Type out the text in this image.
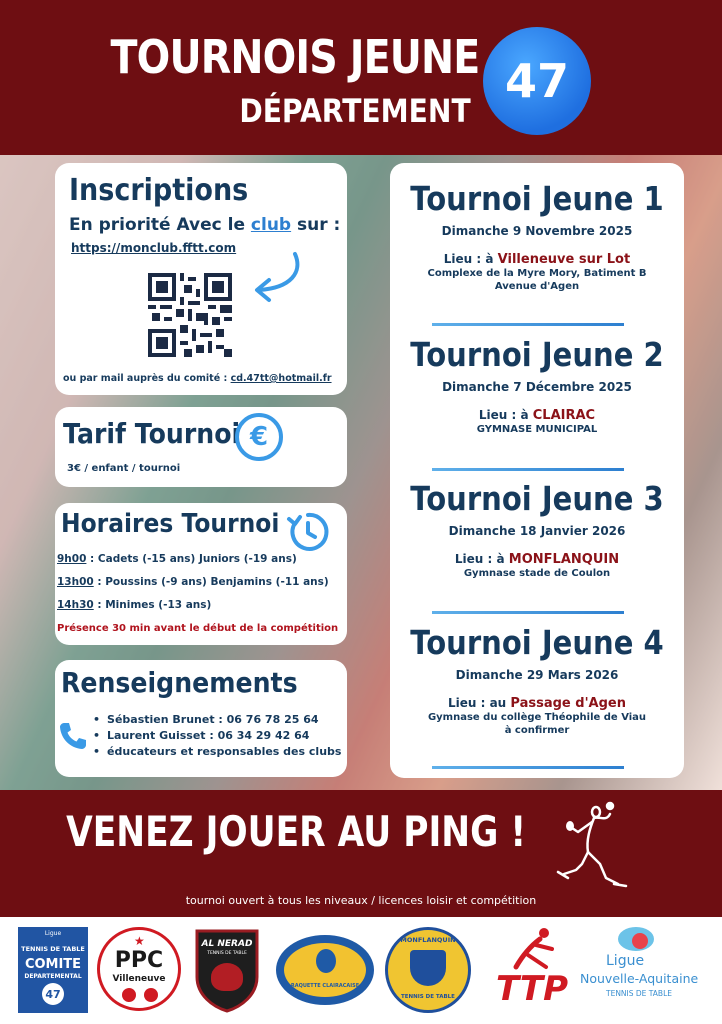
TOURNOIS JEUNE
DÉPARTEMENT
47
Inscriptions
En priorité Avec le club sur :
https://monclub.fftt.com
ou par mail auprès du comité : cd.47tt@hotmail.fr
Tarif Tournoi €
3€ / enfant / tournoi
Horaires Tournoi
9h00 : Cadets (-15 ans) Juniors (-19 ans)
13h00 : Poussins (-9 ans) Benjamins (-11 ans)
14h30 : Minimes (-13 ans)
Présence 30 min avant le début de la compétition
Renseignements
• Sébastien Brunet : 06 76 78 25 64
• Laurent Guisset : 06 34 29 42 64
• éducateurs et responsables des clubs
Tournoi Jeune 1
Dimanche 9 Novembre 2025
Lieu : à Villeneuve sur Lot
Complexe de la Myre Mory, Batiment B
Avenue d'Agen
Tournoi Jeune 2
Dimanche 7 Décembre 2025
Lieu : à CLAIRAC
GYMNASE MUNICIPAL
Tournoi Jeune 3
Dimanche 18 Janvier 2026
Lieu : à MONFLANQUIN
Gymnase stade de Coulon
Tournoi Jeune 4
Dimanche 29 Mars 2026
Lieu : au Passage d'Agen
Gymnase du collège Théophile de Viau
à confirmer
VENEZ JOUER AU PING !
tournoi ouvert à tous les niveaux / licences loisir et compétition
Ligue
TENNIS DE TABLE
COMITE
DEPARTEMENTAL
47
★
PPC
Villeneuve
AL NERAD
TENNIS DE TABLE
RAQUETTE CLAIRACAISE
MONFLANQUIN
TENNIS DE TABLE	TTP
Ligue
Nouvelle-Aquitaine
TENNIS DE TABLE
